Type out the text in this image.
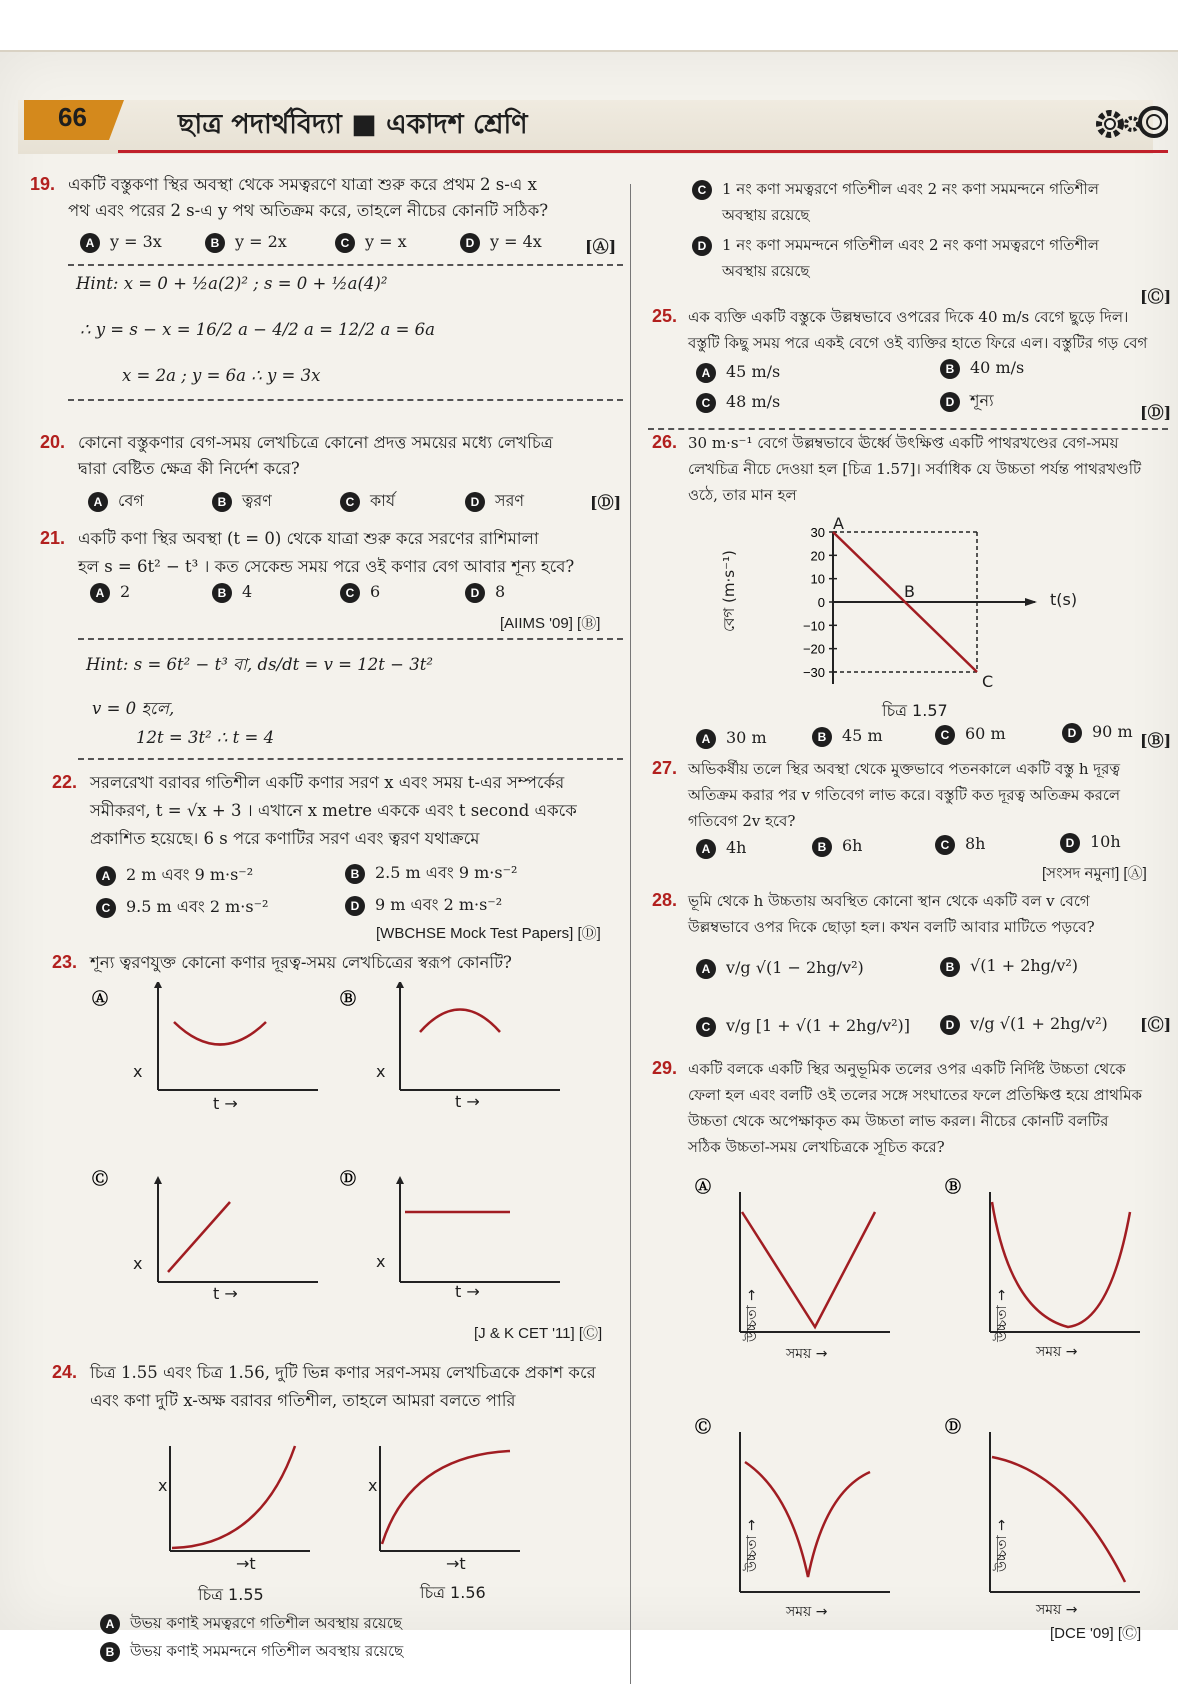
66	ছাত্র পদার্থবিদ্যা ■ একাদশ শ্রেণি
19. একটি বস্তুকণা স্থির অবস্থা থেকে সমত্বরণে যাত্রা শুরু করে প্রথম 2 s-এ x
পথ এবং পরের 2 s-এ y পথ অতিক্রম করে, তাহলে নীচের কোনটি সঠিক?
A y = 3x	B y = 2x	C y = x	D y = 4x	[Ⓐ]
Hint: x = 0 + ½a(2)² ; s = 0 + ½a(4)²
∴ y = s − x = 16/2 a − 4/2 a = 12/2 a = 6a
x = 2a ; y = 6a ∴ y = 3x
20. কোনো বস্তুকণার বেগ-সময় লেখচিত্রে কোনো প্রদত্ত সময়ের মধ্যে লেখচিত্র
দ্বারা বেষ্টিত ক্ষেত্র কী নির্দেশ করে?
A বেগ	B ত্বরণ	C কার্য	D সরণ	[Ⓓ]
21. একটি কণা স্থির অবস্থা (t = 0) থেকে যাত্রা শুরু করে সরণের রাশিমালা
হল s = 6t² − t³ । কত সেকেন্ড সময় পরে ওই কণার বেগ আবার শূন্য হবে?
A 2	B 4	C 6	D 8
[AIIMS '09] [Ⓑ]
Hint: s = 6t² − t³ বা, ds/dt = v = 12t − 3t²
v = 0 হলে,
12t = 3t² ∴ t = 4
22. সরলরেখা বরাবর গতিশীল একটি কণার সরণ x এবং সময় t-এর সম্পর্কের
সমীকরণ, t = √x + 3 । এখানে x metre এককে এবং t second এককে
প্রকাশিত হয়েছে। 6 s পরে কণাটির সরণ এবং ত্বরণ যথাক্রমে
A 2 m এবং 9 m·s⁻²	B 2.5 m এবং 9 m·s⁻²
C 9.5 m এবং 2 m·s⁻²	D 9 m এবং 2 m·s⁻²
[WBCHSE Mock Test Papers] [Ⓓ]
23. শূন্য ত্বরণযুক্ত কোনো কণার দূরত্ব-সময় লেখচিত্রের স্বরূপ কোনটি?
Ⓐ	Ⓑ
Ⓒ	Ⓓ
x
t →
x
t →
x
t →
x
t →
[J & K CET '11] [Ⓒ]
24. চিত্র 1.55 এবং চিত্র 1.56, দুটি ভিন্ন কণার সরণ-সময় লেখচিত্রকে প্রকাশ করে
এবং কণা দুটি x-অক্ষ বরাবর গতিশীল, তাহলে আমরা বলতে পারি
x
→t
x
→t
চিত্র 1.55	চিত্র 1.56
A উভয় কণাই সমত্বরণে গতিশীল অবস্থায় রয়েছে
B উভয় কণাই সমমন্দনে গতিশীল অবস্থায় রয়েছে
C 1 নং কণা সমত্বরণে গতিশীল এবং 2 নং কণা সমমন্দনে গতিশীল
অবস্থায় রয়েছে
D 1 নং কণা সমমন্দনে গতিশীল এবং 2 নং কণা সমত্বরণে গতিশীল
অবস্থায় রয়েছে
[Ⓒ]
25. এক ব্যক্তি একটি বস্তুকে উল্লম্বভাবে ওপরের দিকে 40 m/s বেগে ছুড়ে দিল।
বস্তুটি কিছু সময় পরে একই বেগে ওই ব্যক্তির হাতে ফিরে এল। বস্তুটির গড় বেগ
A 45 m/s	B 40 m/s
C 48 m/s	D শূন্য
[Ⓓ]
26. 30 m·s⁻¹ বেগে উল্লম্বভাবে ঊর্ধ্বে উৎক্ষিপ্ত একটি পাথরখণ্ডের বেগ-সময়
লেখচিত্র নীচে দেওয়া হল [চিত্র 1.57]। সর্বাধিক যে উচ্চতা পর্যন্ত পাথরখণ্ডটি
ওঠে, তার মান হল
30
20
10
0
−10
−20
−30
A
B
C
t(s)
বেগ (m·s⁻¹)
চিত্র 1.57
A 30 m	B 45 m	C 60 m	D 90 m [Ⓑ]
27. অভিকর্ষীয় তলে স্থির অবস্থা থেকে মুক্তভাবে পতনকালে একটি বস্তু h দূরত্ব
অতিক্রম করার পর v গতিবেগ লাভ করে। বস্তুটি কত দূরত্ব অতিক্রম করলে
গতিবেগ 2v হবে?
A 4h	B 6h	C 8h	D 10h
[সংসদ নমুনা] [Ⓐ]
28. ভূমি থেকে h উচ্চতায় অবস্থিত কোনো স্থান থেকে একটি বল v বেগে
উল্লম্বভাবে ওপর দিকে ছোড়া হল। কখন বলটি আবার মাটিতে পড়বে?
A v/g √(1 − 2hg/v²)	B √(1 + 2hg/v²)
C v/g [1 + √(1 + 2hg/v²)]	D v/g √(1 + 2hg/v²) [Ⓒ]
29. একটি বলকে একটি স্থির অনুভূমিক তলের ওপর একটি নির্দিষ্ট উচ্চতা থেকে
ফেলা হল এবং বলটি ওই তলের সঙ্গে সংঘাতের ফলে প্রতিক্ষিপ্ত হয়ে প্রাথমিক
উচ্চতা থেকে অপেক্ষাকৃত কম উচ্চতা লাভ করল। নীচের কোনটি বলটির
সঠিক উচ্চতা-সময় লেখচিত্রকে সূচিত করে?
Ⓐ	Ⓑ
Ⓒ	Ⓓ
উচ্চতা →
সময় →
উচ্চতা →
সময় →
উচ্চতা →
সময় →
উচ্চতা →
সময় →
[DCE '09] [Ⓒ]
